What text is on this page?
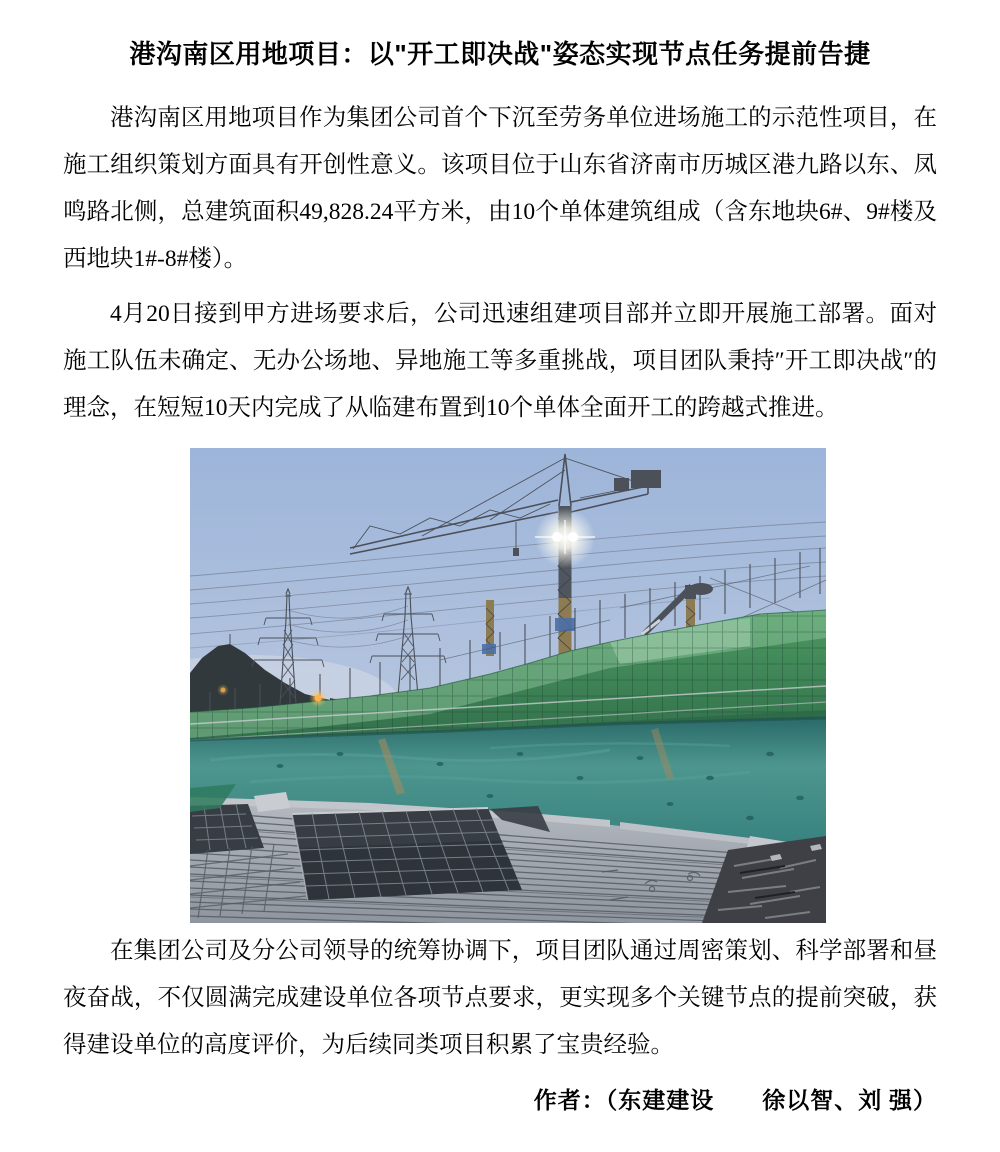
港沟南区用地项目：以"开工即决战"姿态实现节点任务提前告捷

港沟南区用地项目作为集团公司首个下沉至劳务单位进场施工的示范性项目，在施工组织策划方面具有开创性意义。该项目位于山东省济南市历城区港九路以东、凤鸣路北侧，总建筑面积49,828.24平方米，由10个单体建筑组成（含东地块6#、9#楼及西地块1#-8#楼）。

4月20日接到甲方进场要求后，公司迅速组建项目部并立即开展施工部署。面对施工队伍未确定、无办公场地、异地施工等多重挑战，项目团队秉持″开工即决战″的理念，在短短10天内完成了从临建布置到10个单体全面开工的跨越式推进。

在集团公司及分公司领导的统筹协调下，项目团队通过周密策划、科学部署和昼夜奋战，不仅圆满完成建设单位各项节点要求，更实现多个关键节点的提前突破，获得建设单位的高度评价，为后续同类项目积累了宝贵经验。

作者：（东建建设　　徐以智、刘 强）
